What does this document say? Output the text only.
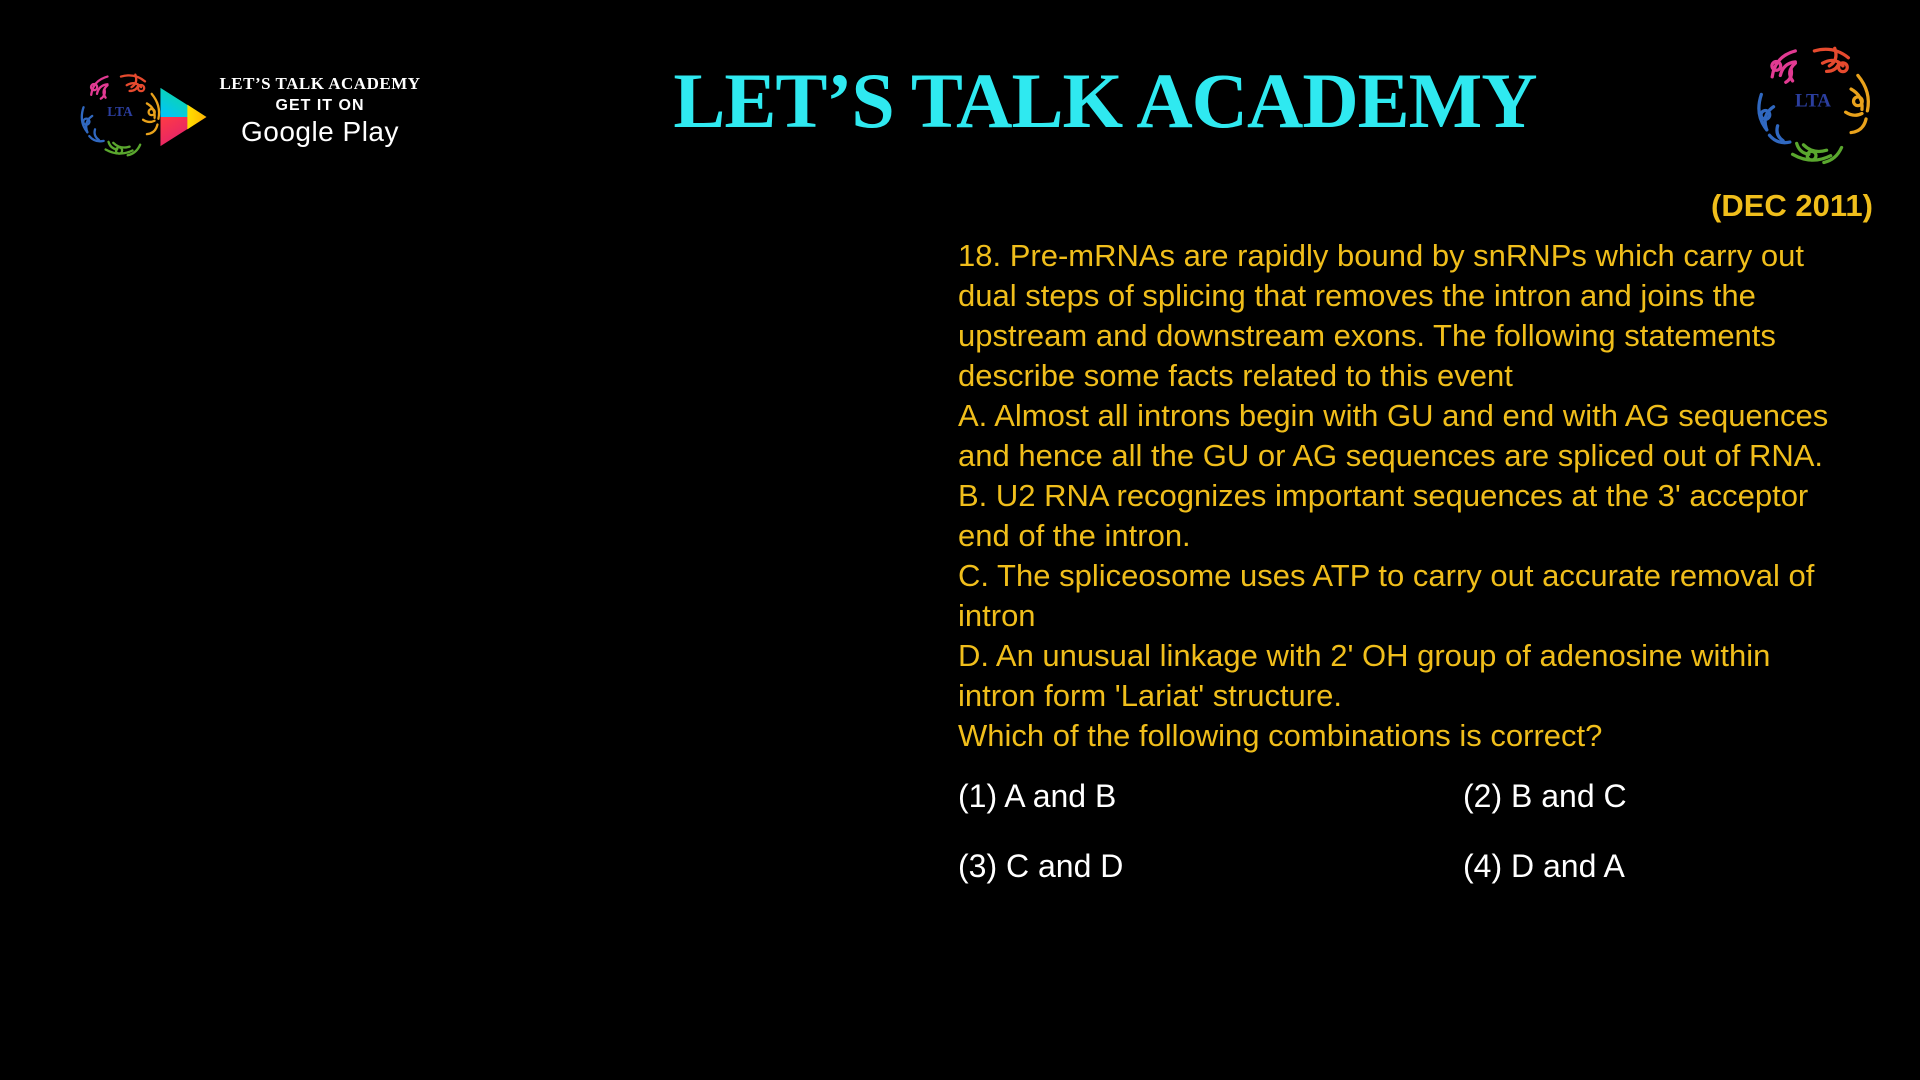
LET’S TALK ACADEMY
GET IT ON
Google Play	LET’S TALK ACADEMY
(DEC 2011)
18. Pre-mRNAs are rapidly bound by snRNPs which carry out
dual steps of splicing that removes the intron and joins the
upstream and downstream exons. The following statements
describe some facts related to this event
A. Almost all introns begin with GU and end with AG sequences
and hence all the GU or AG sequences are spliced out of RNA.
B. U2 RNA recognizes important sequences at the 3' acceptor
end of the intron.
C. The spliceosome uses ATP to carry out accurate removal of
intron
D. An unusual linkage with 2' OH group of adenosine within
intron form 'Lariat' structure.
Which of the following combinations is correct?
(1) A and B	(2) B and C
(3) C and D	(4) D and A
